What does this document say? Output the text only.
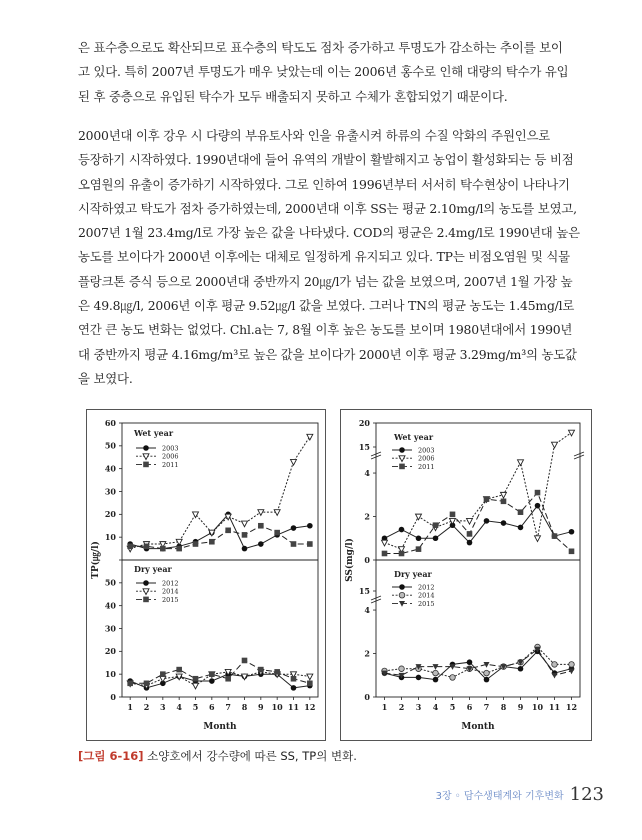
은 표수층으로도 확산되므로 표수층의 탁도도 점차 증가하고 투명도가 감소하는 추이를 보이
고 있다. 특히 2007년 투명도가 매우 낮았는데 이는 2006년 홍수로 인해 대량의 탁수가 유입
된 후 중층으로 유입된 탁수가 모두 배출되지 못하고 수체가 혼합되었기 때문이다.
2000년대 이후 강우 시 다량의 부유토사와 인을 유출시켜 하류의 수질 악화의 주원인으로
등장하기 시작하였다. 1990년대에 들어 유역의 개발이 활발해지고 농업이 활성화되는 등 비점
오염원의 유출이 증가하기 시작하였다. 그로 인하여 1996년부터 서서히 탁수현상이 나타나기
시작하였고 탁도가 점차 증가하였는데, 2000년대 이후 SS는 평균 2.10mg/l의 농도를 보였고,
2007년 1월 23.4mg/l로 가장 높은 값을 나타냈다. COD의 평균은 2.4mg/l로 1990년대 높은
농도를 보이다가 2000년 이후에는 대체로 일정하게 유지되고 있다. TP는 비점오염원 및 식물
플랑크톤 증식 등으로 2000년대 중반까지 20㎍/l가 넘는 값을 보였으며, 2007년 1월 가장 높
은 49.8㎍/l, 2006년 이후 평균 9.52㎍/l 값을 보였다. 그러나 TN의 평균 농도는 1.45mg/l로
연간 큰 농도 변화는 없었다. Chl.a는 7, 8월 이후 높은 농도를 보이며 1980년대에서 1990년
대 중반까지 평균 4.16mg/m³로 높은 값을 보이다가 2000년 이후 평균 3.29mg/m³의 농도값
을 보였다.
10
20
30
40
50
60
0
10
20
30
40
50
1 2 3 4 5 6 7 8 9 10 11 12
Month
TP(㎍/l)
Wet year
Dry year
2003
2006
2011
2012
2014
2015
0
2
4
15
20
0
2
4
15
1 2 3 4 5 6 7 8 9 10 11 12
Month
SS(mg/l)
Wet year
Dry year
2003
2006
2011
2012
2014
2015
[그림 6-16] 소양호에서 강수량에 따른 SS, TP의 변화.
3장 ◦ 담수생태계와 기후변화 123
